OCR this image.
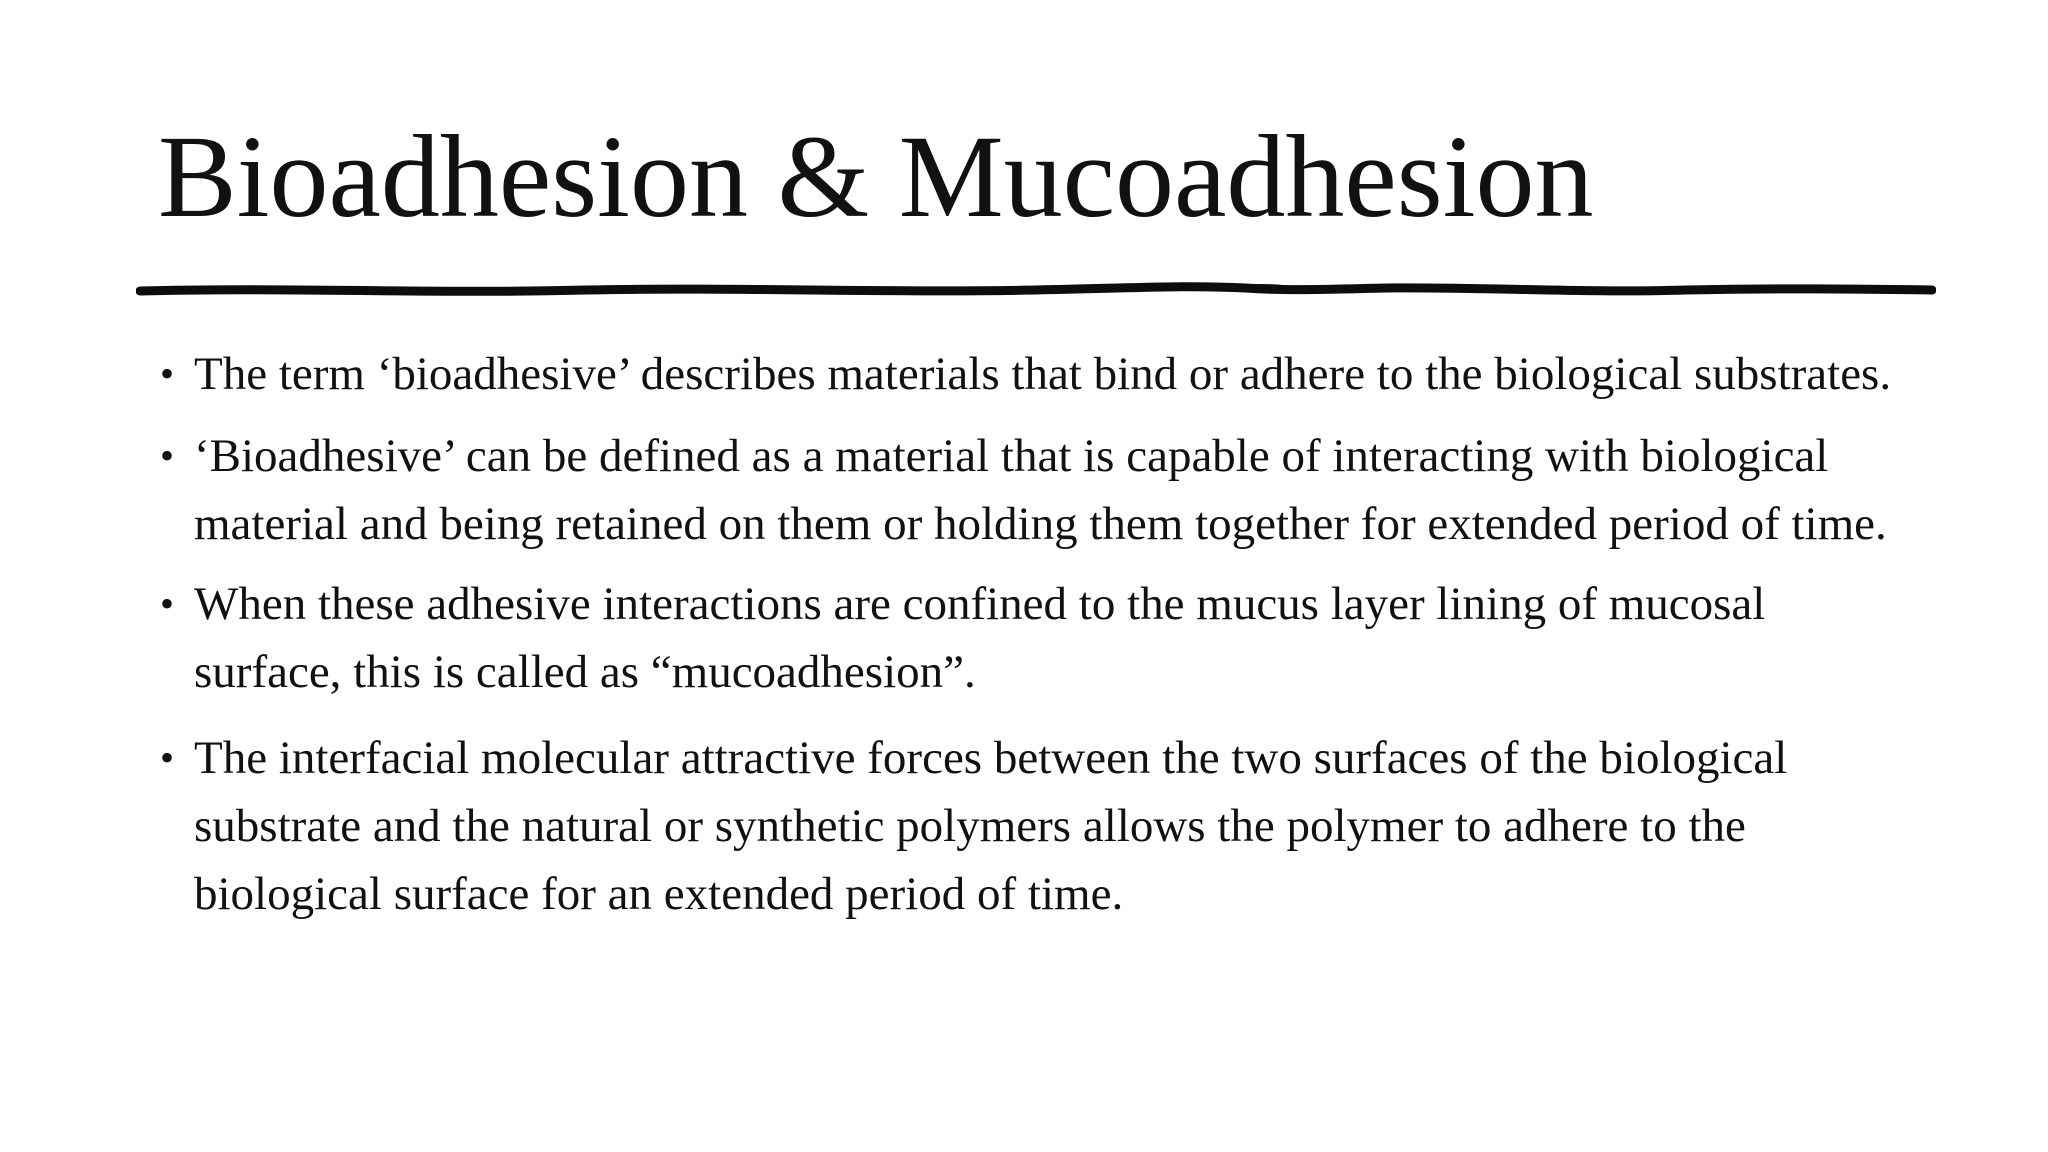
Bioadhesion & Mucoadhesion
• The term ‘bioadhesive’ describes materials that bind or adhere to the biological substrates.
• ‘Bioadhesive’ can be defined as a material that is capable of interacting with biological material and being retained on them or holding them together for extended period of time.
• When these adhesive interactions are confined to the mucus layer lining of mucosal surface, this is called as “mucoadhesion”.
• The interfacial molecular attractive forces between the two surfaces of the biological substrate and the natural or synthetic polymers allows the polymer to adhere to the biological surface for an extended period of time.
